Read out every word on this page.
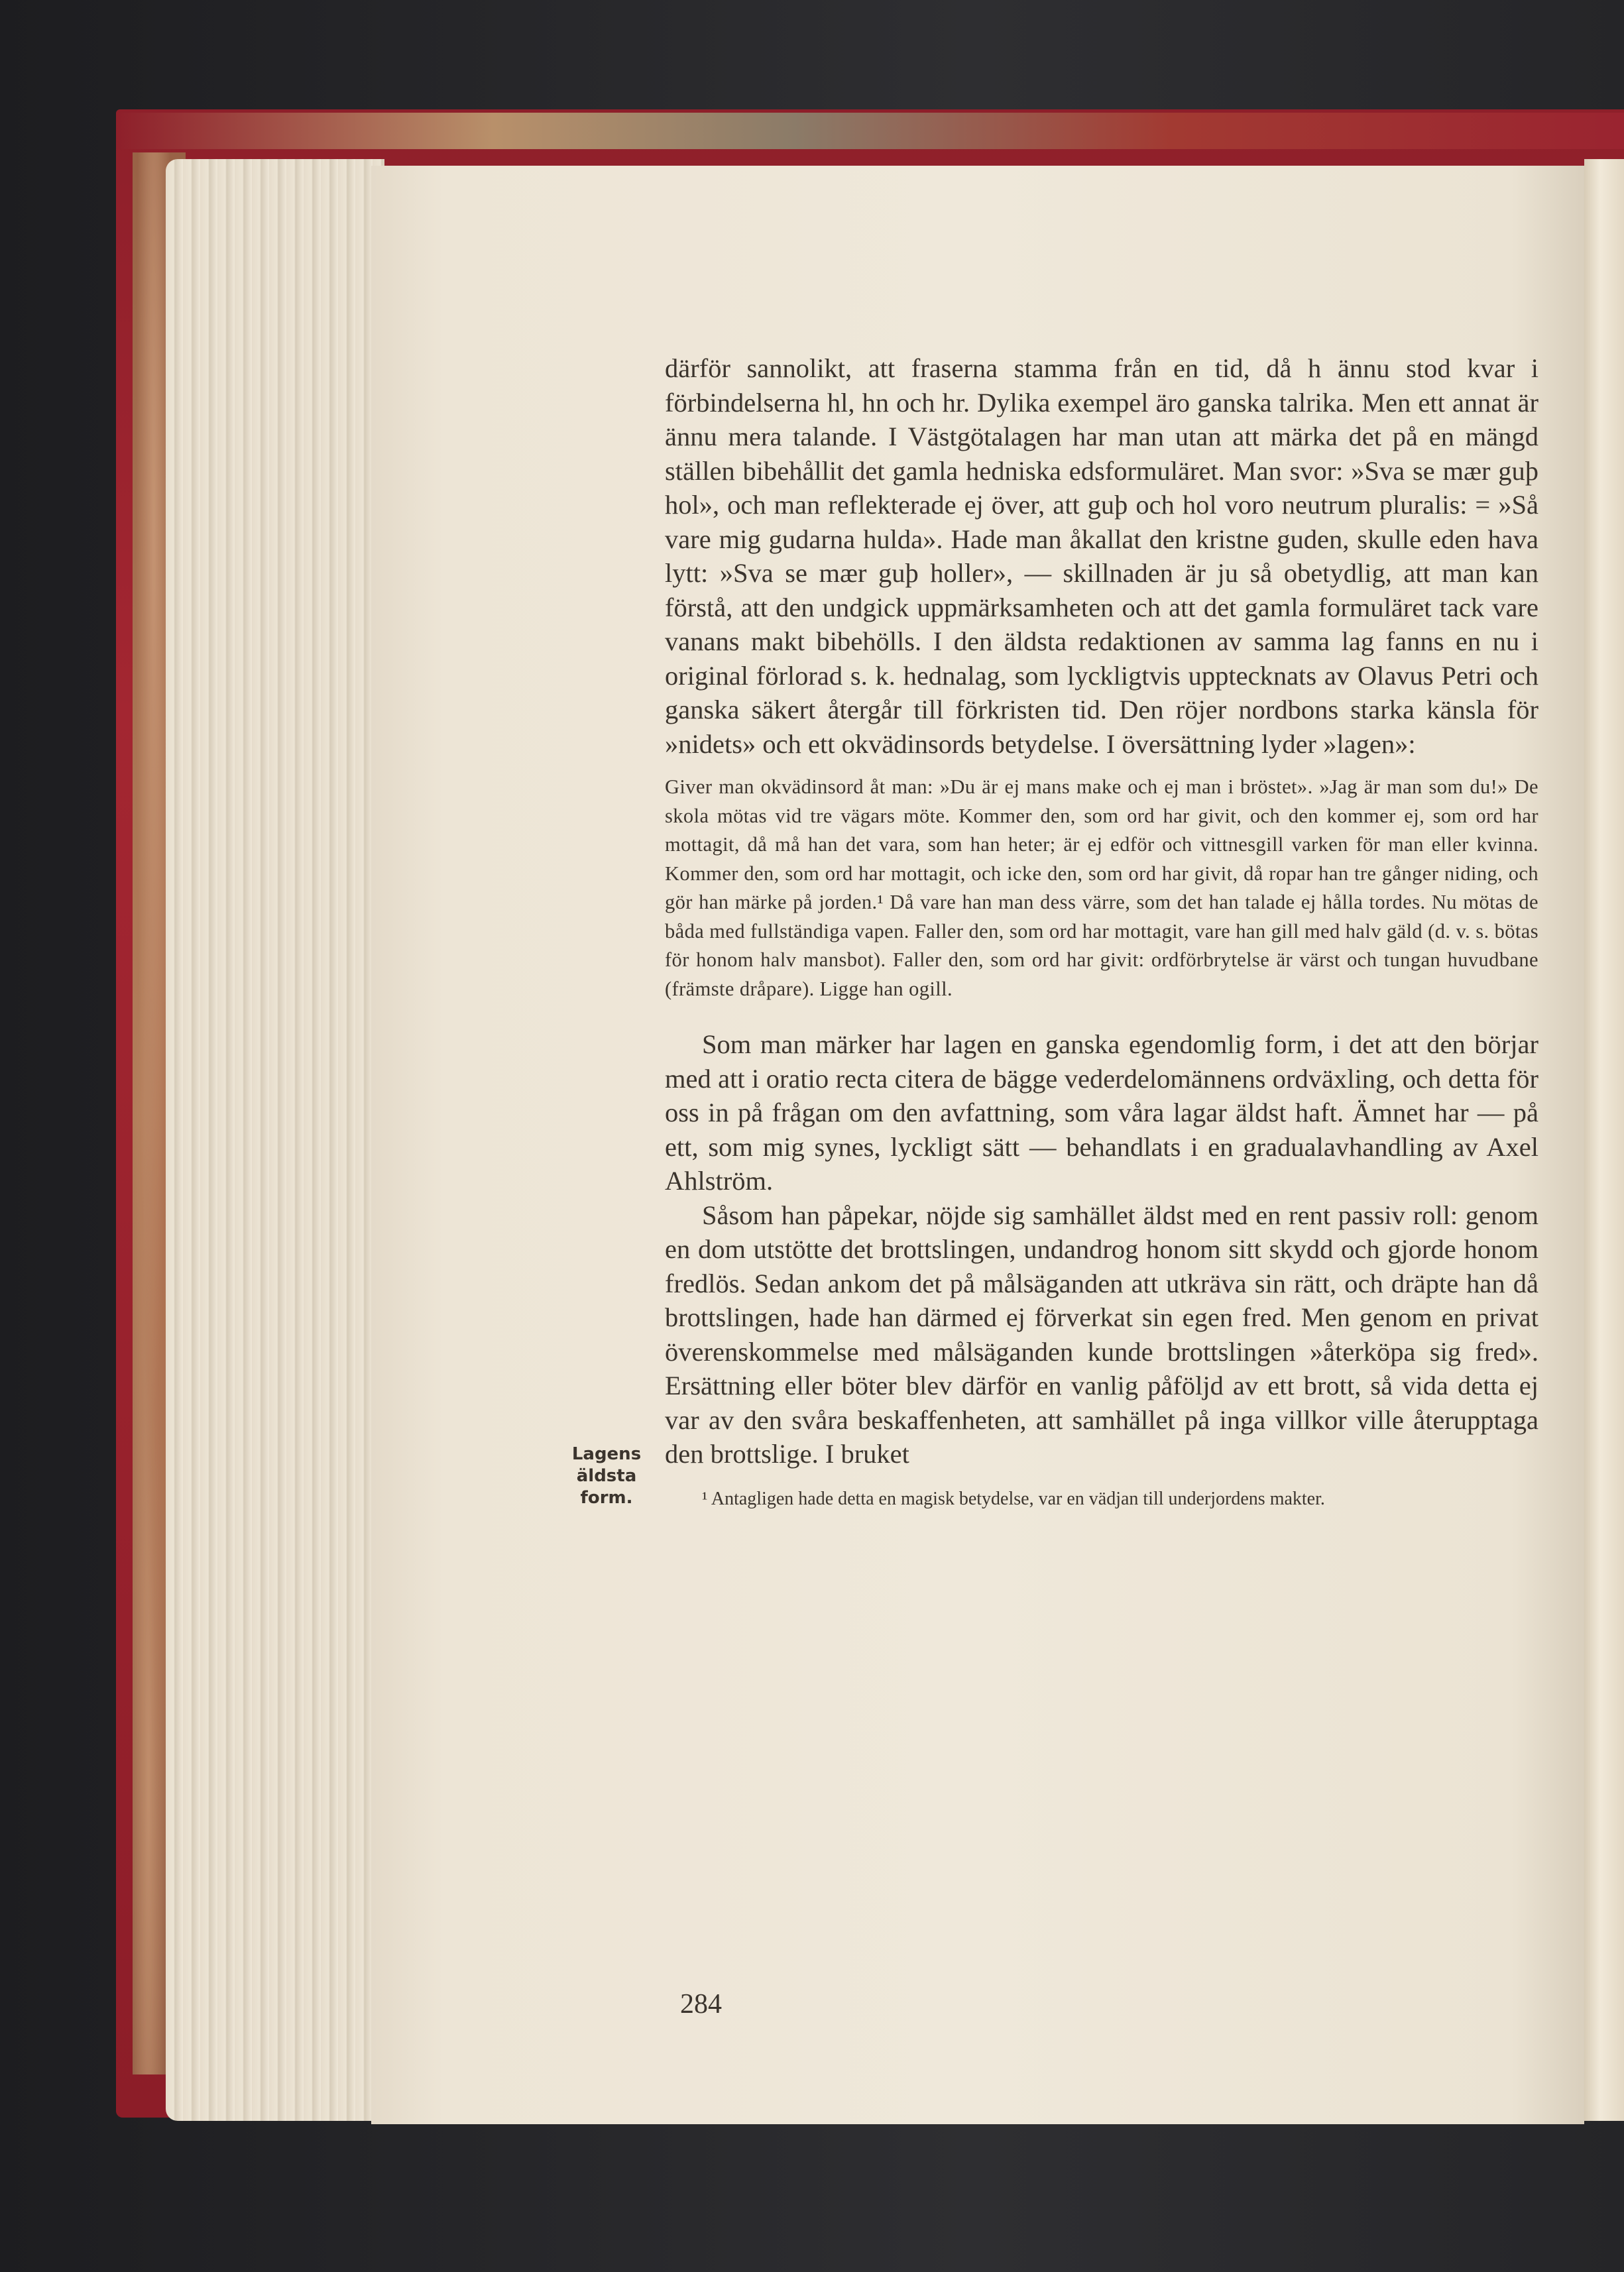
Lagens
äldsta
form.

därför sannolikt, att fraserna stamma från en tid, då h ännu stod kvar i förbindelserna hl, hn och hr. Dylika exempel äro ganska talrika. Men ett annat är ännu mera talande. I Västgötalagen har man utan att märka det på en mängd ställen bibehållit det gamla hedniska edsformuläret. Man svor: »Sva se mær guþ hol», och man reflekterade ej över, att guþ och hol voro neutrum pluralis: = »Så vare mig gudarna hulda». Hade man åkallat den kristne guden, skulle eden hava lytt: »Sva se mær guþ holler», — skillnaden är ju så obetydlig, att man kan förstå, att den undgick uppmärksamheten och att det gamla formuläret tack vare vanans makt bibehölls. I den äldsta redaktionen av samma lag fanns en nu i original förlorad s. k. hednalag, som lyckligtvis upptecknats av Olavus Petri och ganska säkert återgår till förkristen tid. Den röjer nordbons starka känsla för »nidets» och ett okvädinsords betydelse. I översättning lyder »lagen»:

Giver man okvädinsord åt man: »Du är ej mans make och ej man i bröstet». »Jag är man som du!» De skola mötas vid tre vägars möte. Kommer den, som ord har givit, och den kommer ej, som ord har mottagit, då må han det vara, som han heter; är ej edför och vittnesgill varken för man eller kvinna. Kommer den, som ord har mottagit, och icke den, som ord har givit, då ropar han tre gånger niding, och gör han märke på jorden.¹ Då vare han man dess värre, som det han talade ej hålla tordes. Nu mötas de båda med fullständiga vapen. Faller den, som ord har mottagit, vare han gill med halv gäld (d. v. s. bötas för honom halv mansbot). Faller den, som ord har givit: ordförbrytelse är värst och tungan huvudbane (främste dråpare). Ligge han ogill.

Som man märker har lagen en ganska egendomlig form, i det att den börjar med att i oratio recta citera de bägge vederdelomännens ordväxling, och detta för oss in på frågan om den avfattning, som våra lagar äldst haft. Ämnet har — på ett, som mig synes, lyckligt sätt — behandlats i en gradualavhandling av Axel Ahlström.

Såsom han påpekar, nöjde sig samhället äldst med en rent passiv roll: genom en dom utstötte det brottslingen, undandrog honom sitt skydd och gjorde honom fredlös. Sedan ankom det på målsäganden att utkräva sin rätt, och dräpte han då brottslingen, hade han därmed ej förverkat sin egen fred. Men genom en privat överenskommelse med målsäganden kunde brottslingen »återköpa sig fred». Ersättning eller böter blev därför en vanlig påföljd av ett brott, så vida detta ej var av den svåra beskaffenheten, att samhället på inga villkor ville återupptaga den brottslige. I bruket

¹ Antagligen hade detta en magisk betydelse, var en vädjan till underjordens makter.

284
